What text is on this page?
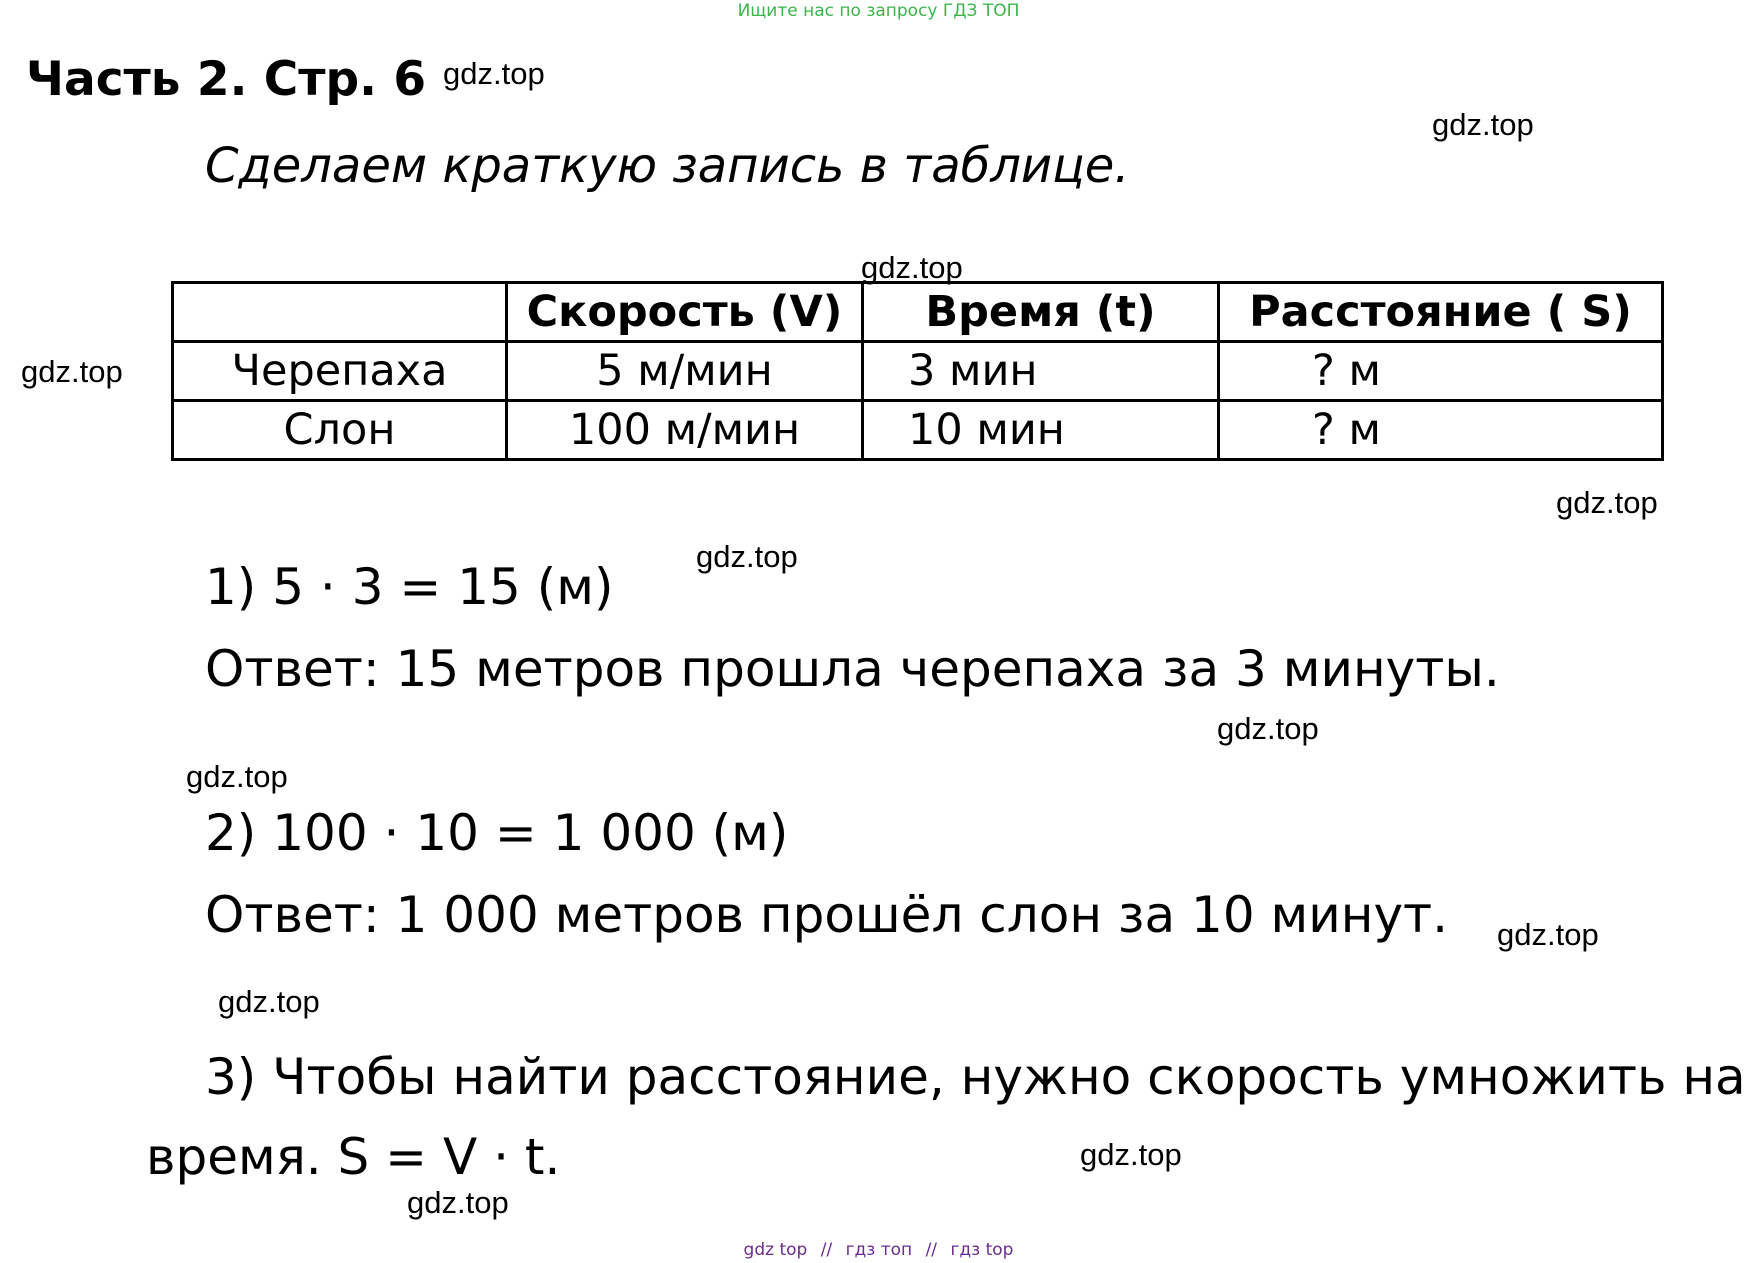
Ищите нас по запросу ГДЗ ТОП
Часть 2. Стр. 6
Сделаем краткую запись в таблице.
gdz.top
gdz.top
gdz.top
gdz.top
gdz.top
gdz.top
gdz.top
gdz.top
gdz.top
gdz.top
gdz.top
gdz.top
	Скорость (V)	Время (t)	Расстояние ( S)
Черепаха	5 м/мин	3 мин	? м
Слон	100 м/мин	10 мин	? м
1) 5 · 3 = 15 (м)
Ответ: 15 метров прошла черепаха за 3 минуты.
2) 100 · 10 = 1 000 (м)
Ответ: 1 000 метров прошёл слон за 10 минут.
3) Чтобы найти расстояние, нужно скорость умножить на
время. S = V · t.
gdz top // гдз топ // гдз top
